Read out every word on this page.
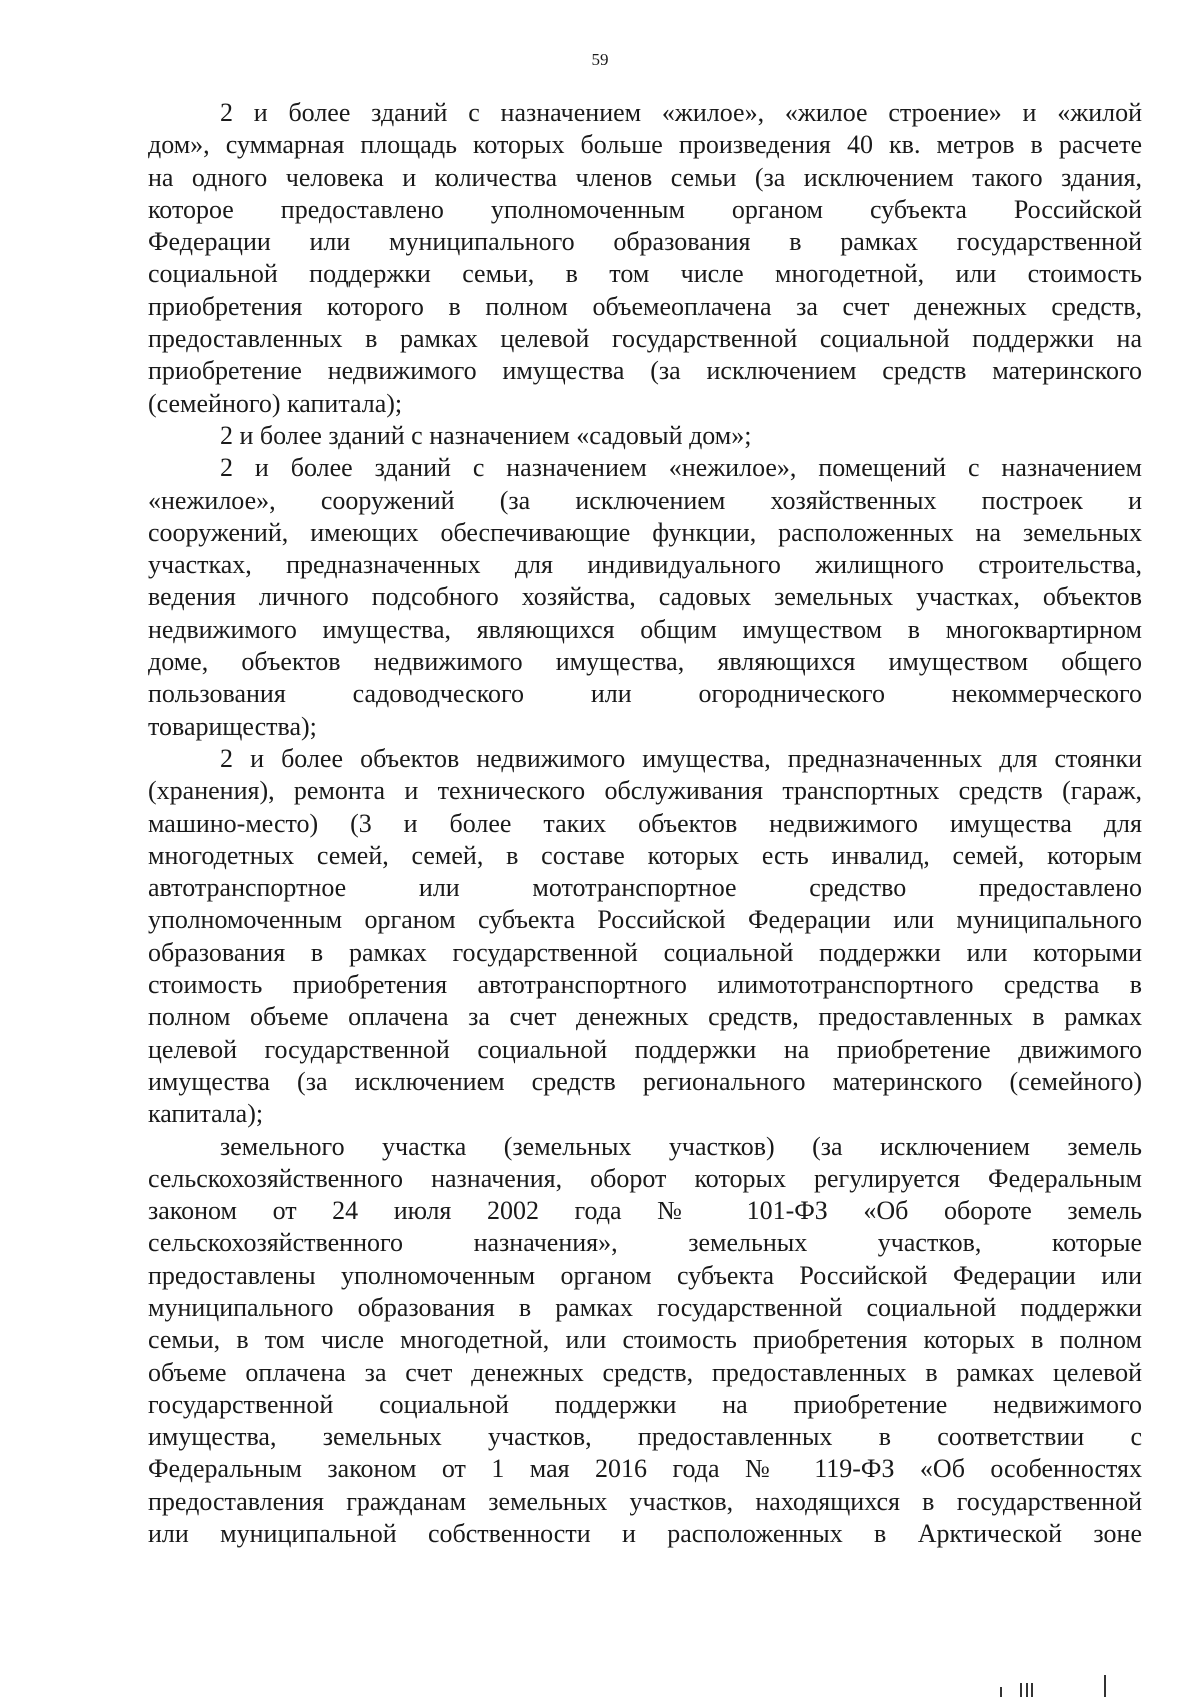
59
2 и более зданий с назначением «жилое», «жилое строение» и «жилой
дом», суммарная площадь которых больше произведения 40 кв. метров в расчете
на одного человека и количества членов семьи (за исключением такого здания,
которое предоставлено уполномоченным органом субъекта Российской
Федерации или муниципального образования в рамках государственной
социальной поддержки семьи, в том числе многодетной, или стоимость
приобретения которого в полном объемеоплачена за счет денежных средств,
предоставленных в рамках целевой государственной социальной поддержки на
приобретение недвижимого имущества (за исключением средств материнского
(семейного) капитала);
2 и более зданий с назначением «садовый дом»;
2 и более зданий с назначением «нежилое», помещений с назначением
«нежилое», сооружений (за исключением хозяйственных построек и
сооружений, имеющих обеспечивающие функции, расположенных на земельных
участках, предназначенных для индивидуального жилищного строительства,
ведения личного подсобного хозяйства, садовых земельных участках, объектов
недвижимого имущества, являющихся общим имуществом в многоквартирном
доме, объектов недвижимого имущества, являющихся имуществом общего
пользования садоводческого или огороднического некоммерческого
товарищества);
2 и более объектов недвижимого имущества, предназначенных для стоянки
(хранения), ремонта и технического обслуживания транспортных средств (гараж,
машино-место) (3 и более таких объектов недвижимого имущества для
многодетных семей, семей, в составе которых есть инвалид, семей, которым
автотранспортное или мототранспортное средство предоставлено
уполномоченным органом субъекта Российской Федерации или муниципального
образования в рамках государственной социальной поддержки или которыми
стоимость приобретения автотранспортного илимототранспортного средства в
полном объеме оплачена за счет денежных средств, предоставленных в рамках
целевой государственной социальной поддержки на приобретение движимого
имущества (за исключением средств регионального материнского (семейного)
капитала);
земельного участка (земельных участков) (за исключением земель
сельскохозяйственного назначения, оборот которых регулируется Федеральным
законом от 24 июля 2002 года № 101-ФЗ «Об обороте земель
сельскохозяйственного назначения», земельных участков, которые
предоставлены уполномоченным органом субъекта Российской Федерации или
муниципального образования в рамках государственной социальной поддержки
семьи, в том числе многодетной, или стоимость приобретения которых в полном
объеме оплачена за счет денежных средств, предоставленных в рамках целевой
государственной социальной поддержки на приобретение недвижимого
имущества, земельных участков, предоставленных в соответствии с
Федеральным законом от 1 мая 2016 года № 119-ФЗ «Об особенностях
предоставления гражданам земельных участков, находящихся в государственной
или муниципальной собственности и расположенных в Арктической зоне
